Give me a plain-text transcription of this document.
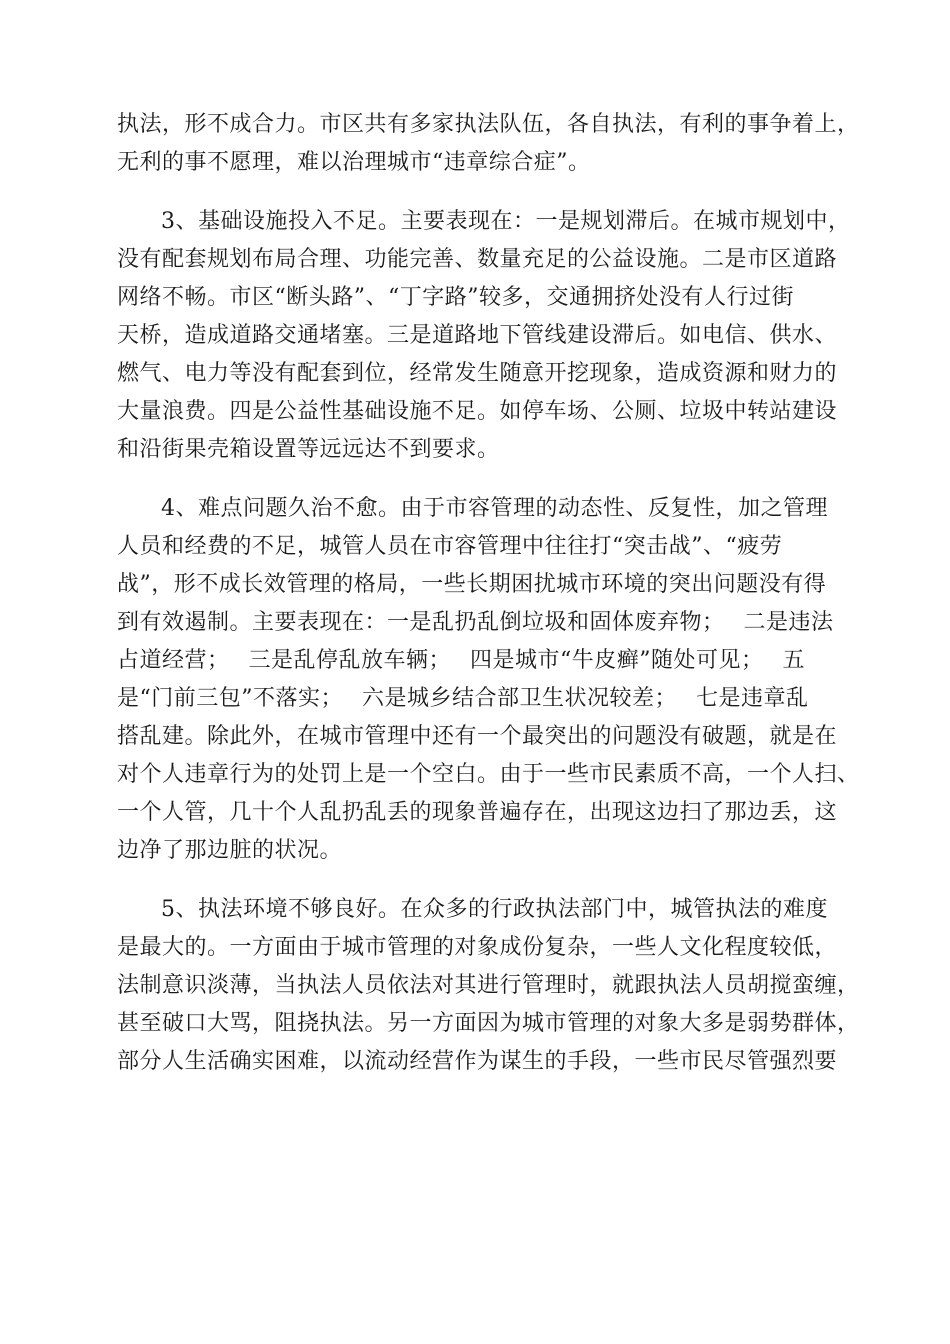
执法，形不成合力。市区共有多家执法队伍，各自执法，有利的事争着上，
无利的事不愿理，难以治理城市“违章综合症”。
3、基础设施投入不足。主要表现在：一是规划滞后。在城市规划中，
没有配套规划布局合理、功能完善、数量充足的公益设施。二是市区道路
网络不畅。市区“断头路”、“丁字路”较多，交通拥挤处没有人行过街
天桥，造成道路交通堵塞。三是道路地下管线建设滞后。如电信、供水、
燃气、电力等没有配套到位，经常发生随意开挖现象，造成资源和财力的
大量浪费。四是公益性基础设施不足。如停车场、公厕、垃圾中转站建设
和沿街果壳箱设置等远远达不到要求。
4、难点问题久治不愈。由于市容管理的动态性、反复性，加之管理
人员和经费的不足，城管人员在市容管理中往往打“突击战”、“疲劳
战”，形不成长效管理的格局，一些长期困扰城市环境的突出问题没有得
到有效遏制。主要表现在：一是乱扔乱倒垃圾和固体废弃物；　 二是违法
占道经营；　 三是乱停乱放车辆；　 四是城市“牛皮癣”随处可见；　 五
是“门前三包”不落实；　 六是城乡结合部卫生状况较差；　 七是违章乱
搭乱建。除此外，在城市管理中还有一个最突出的问题没有破题，就是在
对个人违章行为的处罚上是一个空白。由于一些市民素质不高，一个人扫、
一个人管，几十个人乱扔乱丢的现象普遍存在，出现这边扫了那边丢，这
边净了那边脏的状况。
5、执法环境不够良好。在众多的行政执法部门中，城管执法的难度
是最大的。一方面由于城市管理的对象成份复杂，一些人文化程度较低，
法制意识淡薄，当执法人员依法对其进行管理时，就跟执法人员胡搅蛮缠，
甚至破口大骂，阻挠执法。另一方面因为城市管理的对象大多是弱势群体，
部分人生活确实困难，以流动经营作为谋生的手段，一些市民尽管强烈要
